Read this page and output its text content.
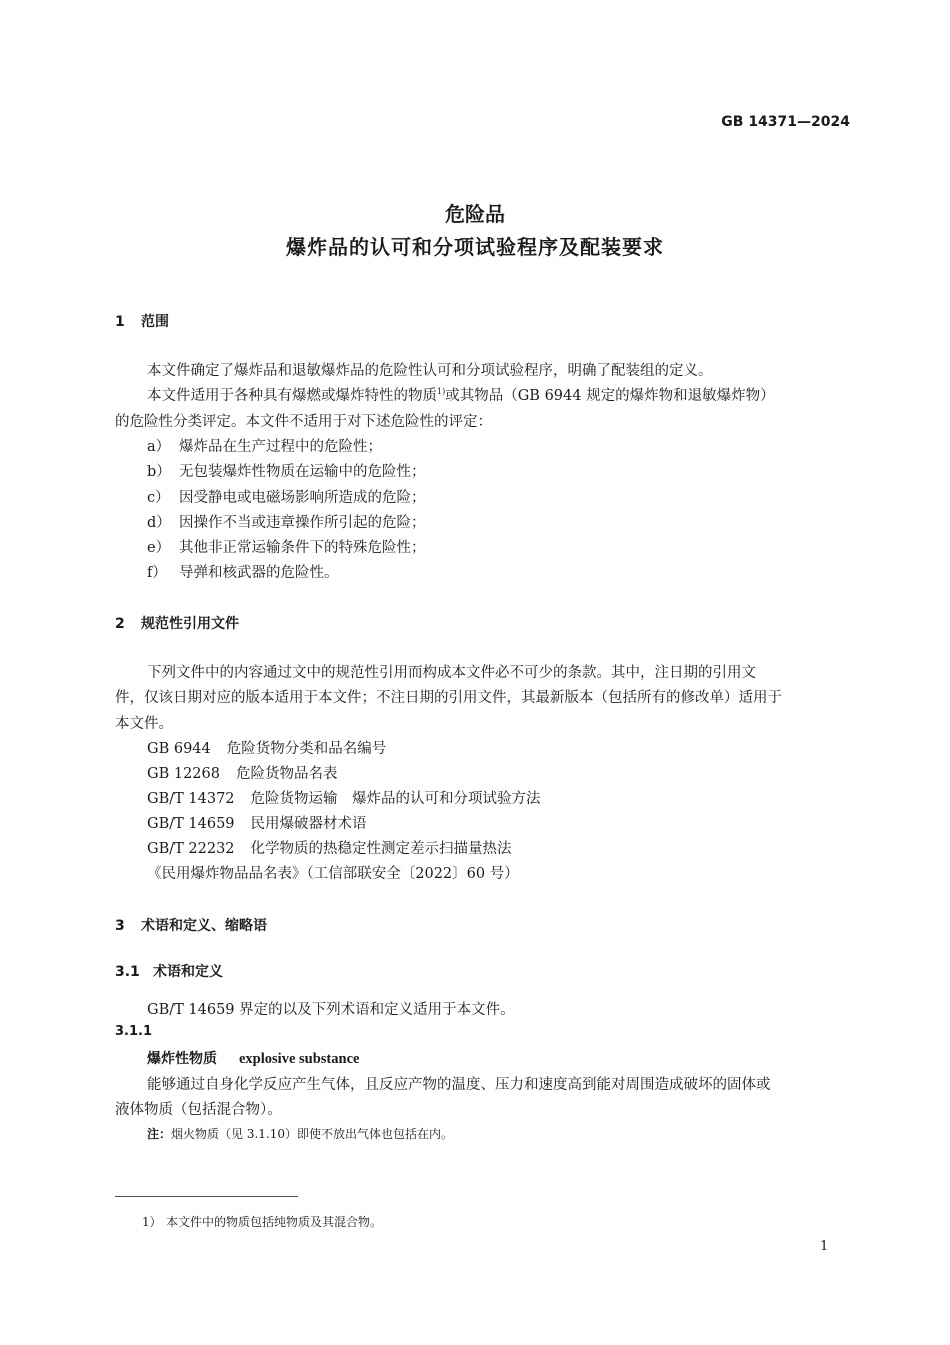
GB 14371—2024
危险品
爆炸品的认可和分项试验程序及配装要求
1 范围
本文件确定了爆炸品和退敏爆炸品的危险性认可和分项试验程序，明确了配装组的定义。
本文件适用于各种具有爆燃或爆炸特性的物质$^{1)}$或其物品（GB 6944 规定的爆炸物和退敏爆炸物）
的危险性分类评定。本文件不适用于对下述危险性的评定：
a） 爆炸品在生产过程中的危险性；
b） 无包装爆炸性物质在运输中的危险性；
c） 因受静电或电磁场影响所造成的危险；
d） 因操作不当或违章操作所引起的危险；
e） 其他非正常运输条件下的特殊危险性；
f） 导弹和核武器的危险性。
2 规范性引用文件
下列文件中的内容通过文中的规范性引用而构成本文件必不可少的条款。其中，注日期的引用文
件，仅该日期对应的版本适用于本文件；不注日期的引用文件，其最新版本（包括所有的修改单）适用于
本文件。
GB 6944 危险货物分类和品名编号
GB 12268 危险货物品名表
GB/T 14372 危险货物运输　爆炸品的认可和分项试验方法
GB/T 14659 民用爆破器材术语
GB/T 22232 化学物质的热稳定性测定差示扫描量热法
《民用爆炸物品品名表》（工信部联安全〔2022〕60 号）
3 术语和定义、缩略语
3.1 术语和定义
GB/T 14659 界定的以及下列术语和定义适用于本文件。
3.1.1
爆炸性物质 explosive substance
能够通过自身化学反应产生气体，且反应产物的温度、压力和速度高到能对周围造成破坏的固体或
液体物质（包括混合物）。
注：烟火物质（见 3.1.10）即使不放出气体也包括在内。
1） 本文件中的物质包括纯物质及其混合物。
1
